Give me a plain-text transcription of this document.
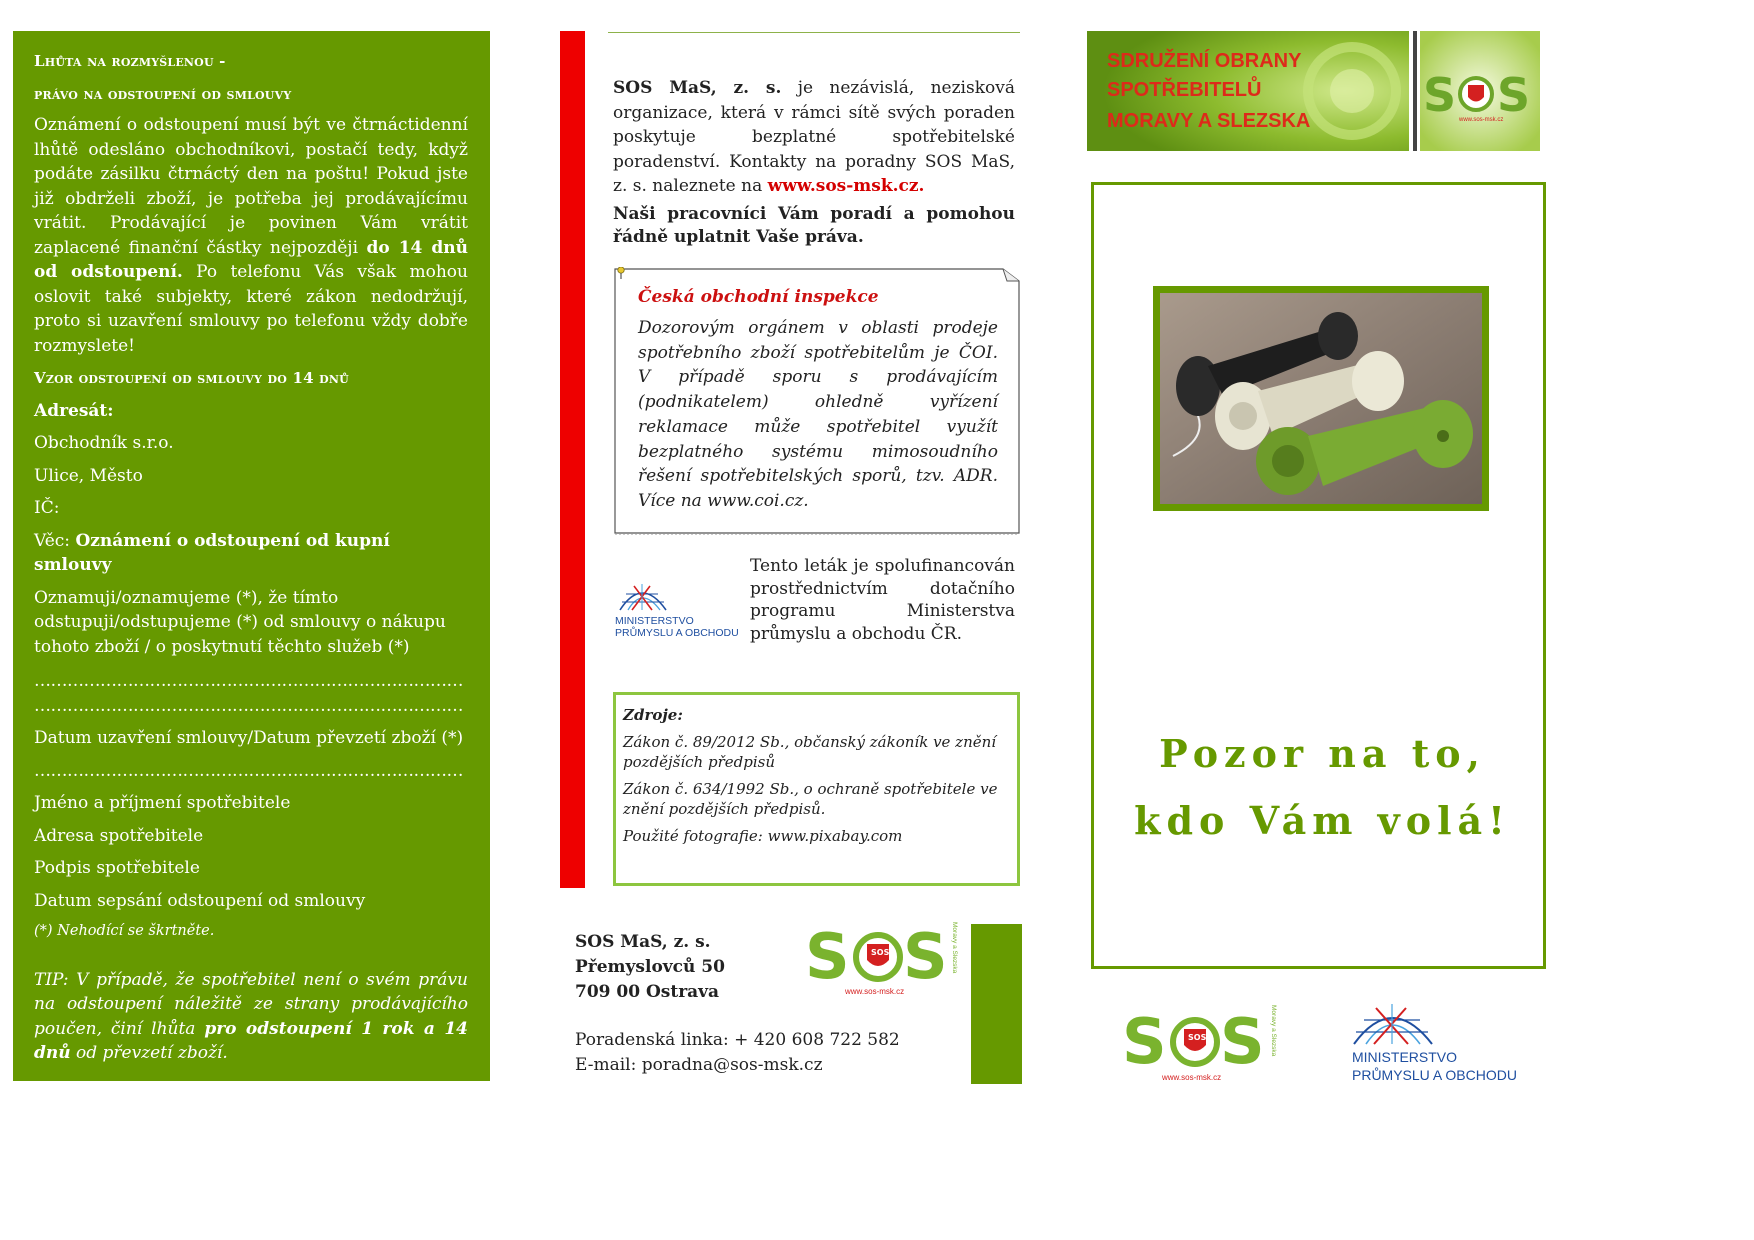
Lhůta na rozmyšlenou -

právo na odstoupení od smlouvy

Oznámení o odstoupení musí být ve čtrnáctidenní lhůtě odesláno obchodníkovi, postačí tedy, když podáte zásilku čtrnáctý den na poštu! Pokud jste již obdrželi zboží, je potřeba jej prodávajícímu vrátit. Prodávající je povinen Vám vrátit zaplacené finanční částky nejpozději do 14 dnů od odstoupení. Po telefonu Vás však mohou oslovit také subjekty, které zákon nedodržují, proto si uzavření smlouvy po telefonu vždy dobře rozmyslete!

Vzor odstoupení od smlouvy do 14 dnů

Adresát:

Obchodník s.r.o.

Ulice, Město

IČ:

Věc: Oznámení o odstoupení od kupní smlouvy

Oznamuji/oznamujeme (*), že tímto odstupuji/odstupujeme (*) od smlouvy o nákupu tohoto zboží / o poskytnutí těchto služeb (*)

……………………………………………………………………

……………………………………………………………………

Datum uzavření smlouvy/Datum převzetí zboží (*)

……………………………………………………………………

Jméno a příjmení spotřebitele

Adresa spotřebitele

Podpis spotřebitele

Datum sepsání odstoupení od smlouvy

(*) Nehodící se škrtněte.

TIP: V případě, že spotřebitel není o svém právu na odstoupení náležitě ze strany prodávajícího poučen, činí lhůta pro odstoupení 1 rok a 14 dnů od převzetí zboží.

SOS MaS, z. s. je nezávislá, nezisková organizace, která v rámci sítě svých poraden poskytuje bezplatné spotřebitelské poradenství. Kontakty na poradny SOS MaS, z. s. naleznete na www.sos-msk.cz.

Naši pracovníci Vám poradí a pomohou řádně uplatnit Vaše práva.

Česká obchodní inspekce

Dozorovým orgánem v oblasti prodeje spotřebního zboží spotřebitelům je ČOI. V případě sporu s prodávajícím (podnikatelem) ohledně vyřízení reklamace může spotřebitel využít bezplatného systému mimosoudního řešení spotřebitelských sporů, tzv. ADR. Více na www.coi.cz.

MINISTERSTVO
PRŮMYSLU A OBCHODU

Tento leták je spolufinancován prostřednictvím dotačního programu Ministerstva průmyslu a obchodu ČR.

Zdroje:

Zákon č. 89/2012 Sb., občanský zákoník ve znění pozdějších předpisů

Zákon č. 634/1992 Sb., o ochraně spotřebitele ve znění pozdějších předpisů.

Použité fotografie: www.pixabay.com

SOS MaS, z. s.
Přemyslovců 50
709 00 Ostrava
Poradenská linka: + 420 608 722 582
E-mail: poradna@sos-msk.cz
S	SOS S
www.sos-msk.cz
Moravy a Slezska
SDRUŽENÍ OBRANY
SPOTŘEBITELŮ
MORAVY A SLEZSKA S S
www.sos-msk.cz
Pozor na to,
kdo Vám volá!
S	SOS S
www.sos-msk.cz
Moravy a Slezska
MINISTERSTVO
PRŮMYSLU A OBCHODU
